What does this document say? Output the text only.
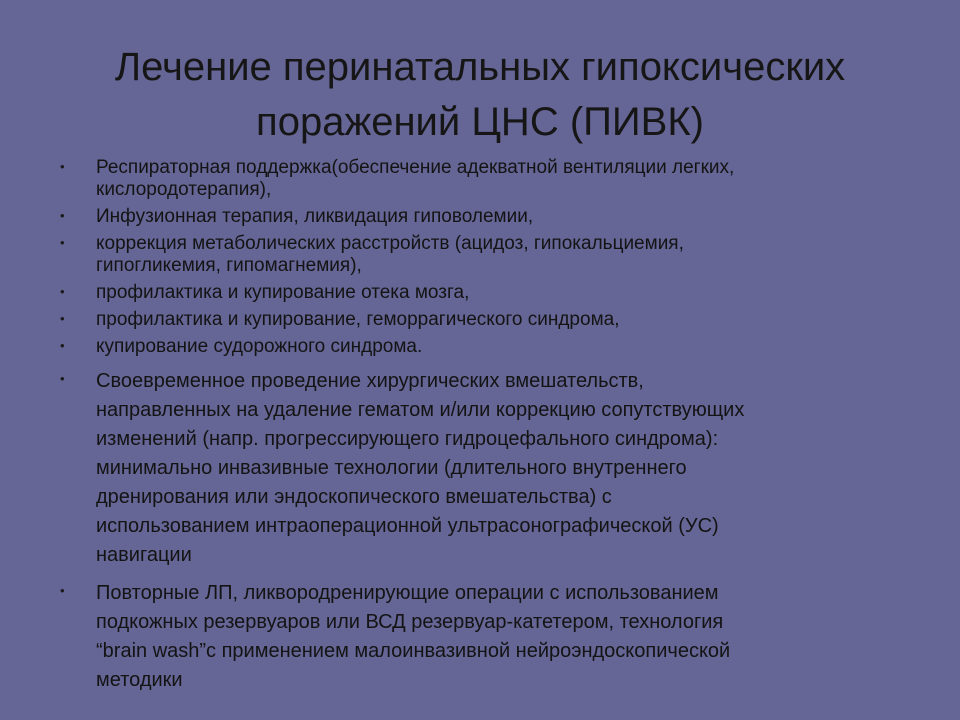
Лечение перинатальных гипоксических
поражений ЦНС (ПИВК)
• Респираторная поддержка(обеспечение адекватной вентиляции легких,
кислородотерапия),
• Инфузионная терапия, ликвидация гиповолемии,
• коррекция метаболических расстройств (ацидоз, гипокальциемия,
гипогликемия, гипомагнемия),
• профилактика и купирование отека мозга,
• профилактика и купирование, геморрагического синдрома,
• купирование судорожного синдрома.
• Своевременное проведение хирургических вмешательств,
направленных на удаление гематом и/или коррекцию сопутствующих
изменений (напр. прогрессирующего гидроцефального синдрома):
минимально инвазивные технологии (длительного внутреннего
дренирования или эндоскопического вмешательства) с
использованием интраоперационной ультрасонографической (УС)
навигации
• Повторные ЛП, ликвородренирующие операции с использованием
подкожных резервуаров или ВСД резервуар-катетером, технология
“brain wash”с применением малоинвазивной нейроэндоскопической
методики
